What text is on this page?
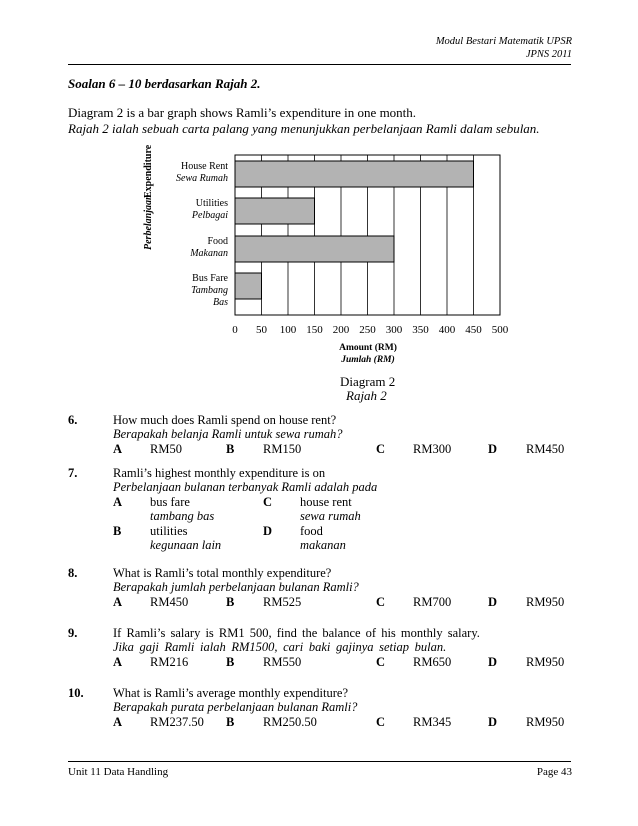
Modul Bestari Matematik UPSR
JPNS 2011
Soalan 6 – 10 berdasarkan Rajah 2.
Diagram 2 is a bar graph shows Ramli’s expenditure in one month.
Rajah 2 ialah sebuah carta palang yang menunjukkan perbelanjaan Ramli dalam sebulan.
House Rent
Sewa Rumah
Utilities
Pelbagai
Food
Makanan
Bus Fare
Tambang
Bas
0 50 100 150 200 250 300 350 400 450 500
Perbelanjaan
Expenditure
Amount (RM)
Jumlah (RM)
Diagram 2
Rajah 2
6.	How much does Ramli spend on house rent?
Berapakah belanja Ramli untuk sewa rumah?
A RM50	B RM150	C RM300	D RM450
7.	Ramli’s highest monthly expenditure is on
Perbelanjaan bulanan terbanyak Ramli adalah pada
A bus fare
tambang bas
C house rent
sewa rumah
B utilities
kegunaan lain
D food
makanan
8.	What is Ramli’s total monthly expenditure?
Berapakah jumlah perbelanjaan bulanan Ramli?
A RM450	B RM525	C RM700	D RM950
9.	If Ramli’s salary is RM1 500, find the balance of his monthly salary.
Jika gaji Ramli ialah RM1500, cari baki gajinya setiap bulan.
A RM216	B RM550	C RM650	D RM950
10. What is Ramli’s average monthly expenditure?
Berapakah purata perbelanjaan bulanan Ramli?
A RM237.50 B RM250.50	C RM345	D RM950
Unit 11 Data Handling	Page 43
